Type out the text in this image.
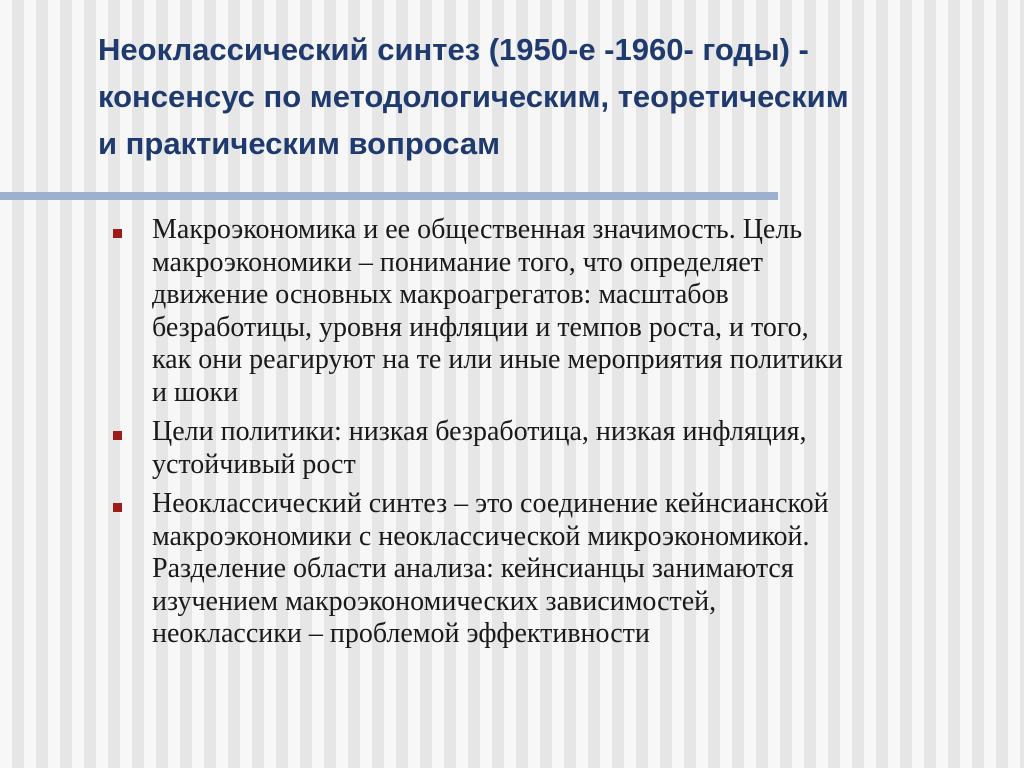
Неоклассический синтез (1950-е -1960- годы) -
консенсус по методологическим, теоретическим
и практическим вопросам
Макроэкономика и ее общественная значимость. Цель
макроэкономики – понимание того, что определяет
движение основных макроагрегатов: масштабов
безработицы, уровня инфляции и темпов роста, и того,
как они реагируют на те или иные мероприятия политики
и шоки
Цели политики: низкая безработица, низкая инфляция,
устойчивый рост
Неоклассический синтез – это соединение кейнсианской
макроэкономики с неоклассической микроэкономикой.
Разделение области анализа: кейнсианцы занимаются
изучением макроэкономических зависимостей,
неоклассики – проблемой эффективности
